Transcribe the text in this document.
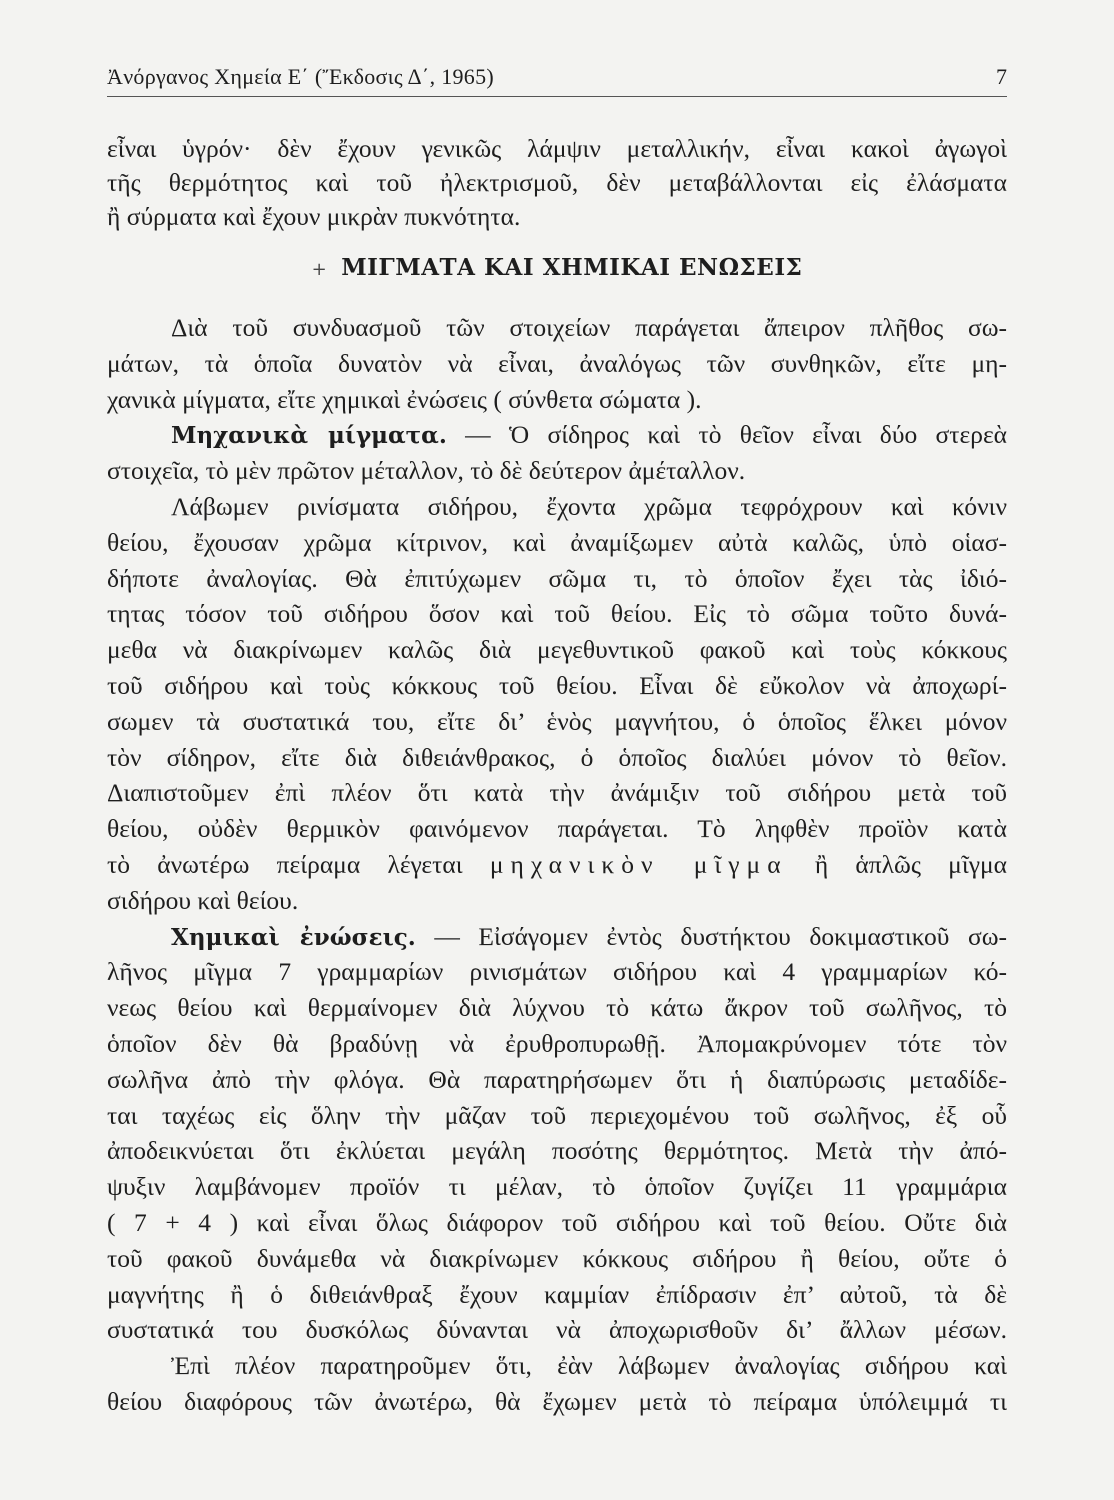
Ἀνόργανος Χημεία Ε΄ (Ἔκδοσις Δ΄, 1965)	7
εἶναι ὑγρόν· δὲν ἔχουν γενικῶς λάμψιν μεταλλικήν, εἶναι κακοὶ ἀγωγοὶ
τῆς θερμότητος καὶ τοῦ ἠλεκτρισμοῦ, δὲν μεταβάλλονται εἰς ἐλάσματα
ἢ σύρματα καὶ ἔχουν μικρὰν πυκνότητα.
+ ΜΙΓΜΑΤΑ ΚΑΙ ΧΗΜΙΚΑΙ ΕΝΩΣΕΙΣ
Διὰ τοῦ συνδυασμοῦ τῶν στοιχείων παράγεται ἄπειρον πλῆθος σω-
μάτων, τὰ ὁποῖα δυνατὸν νὰ εἶναι, ἀναλόγως τῶν συνθηκῶν, εἴτε μη-
χανικὰ μίγματα, εἴτε χημικαὶ ἐνώσεις ( σύνθετα σώματα ).
Μηχανικὰ μίγματα. — Ὁ σίδηρος καὶ τὸ θεῖον εἶναι δύο στερεὰ
στοιχεῖα, τὸ μὲν πρῶτον μέταλλον, τὸ δὲ δεύτερον ἀμέταλλον.
Λάβωμεν ρινίσματα σιδήρου, ἔχοντα χρῶμα τεφρόχρουν καὶ κόνιν
θείου, ἔχουσαν χρῶμα κίτρινον, καὶ ἀναμίξωμεν αὐτὰ καλῶς, ὑπὸ οἱασ-
δήποτε ἀναλογίας. Θὰ ἐπιτύχωμεν σῶμα τι, τὸ ὁποῖον ἔχει τὰς ἰδιό-
τητας τόσον τοῦ σιδήρου ὅσον καὶ τοῦ θείου. Εἰς τὸ σῶμα τοῦτο δυνά-
μεθα νὰ διακρίνωμεν καλῶς διὰ μεγεθυντικοῦ φακοῦ καὶ τοὺς κόκκους
τοῦ σιδήρου καὶ τοὺς κόκκους τοῦ θείου. Εἶναι δὲ εὔκολον νὰ ἀποχωρί-
σωμεν τὰ συστατικά του, εἴτε δι’ ἑνὸς μαγνήτου, ὁ ὁποῖος ἕλκει μόνον
τὸν σίδηρον, εἴτε διὰ διθειάνθρακος, ὁ ὁποῖος διαλύει μόνον τὸ θεῖον.
Διαπιστοῦμεν ἐπὶ πλέον ὅτι κατὰ τὴν ἀνάμιξιν τοῦ σιδήρου μετὰ τοῦ
θείου, οὐδὲν θερμικὸν φαινόμενον παράγεται. Τὸ ληφθὲν προϊὸν κατὰ
τὸ ἀνωτέρω πείραμα λέγεται μηχανικὸν μῖγμα ἢ ἁπλῶς μῖγμα
σιδήρου καὶ θείου.
Χημικαὶ ἐνώσεις. — Εἰσάγομεν ἐντὸς δυστήκτου δοκιμαστικοῦ σω-
λῆνος μῖγμα 7 γραμμαρίων ρινισμάτων σιδήρου καὶ 4 γραμμαρίων κό-
νεως θείου καὶ θερμαίνομεν διὰ λύχνου τὸ κάτω ἄκρον τοῦ σωλῆνος, τὸ
ὁποῖον δὲν θὰ βραδύνῃ νὰ ἐρυθροπυρωθῇ. Ἀπομακρύνομεν τότε τὸν
σωλῆνα ἀπὸ τὴν φλόγα. Θὰ παρατηρήσωμεν ὅτι ἡ διαπύρωσις μεταδίδε-
ται ταχέως εἰς ὅλην τὴν μᾶζαν τοῦ περιεχομένου τοῦ σωλῆνος, ἐξ οὗ
ἀποδεικνύεται ὅτι ἐκλύεται μεγάλη ποσότης θερμότητος. Μετὰ τὴν ἀπό-
ψυξιν λαμβάνομεν προϊόν τι μέλαν, τὸ ὁποῖον ζυγίζει 11 γραμμάρια
( 7 + 4 ) καὶ εἶναι ὅλως διάφορον τοῦ σιδήρου καὶ τοῦ θείου. Οὔτε διὰ
τοῦ φακοῦ δυνάμεθα νὰ διακρίνωμεν κόκκους σιδήρου ἢ θείου, οὔτε ὁ
μαγνήτης ἢ ὁ διθειάνθραξ ἔχουν καμμίαν ἐπίδρασιν ἐπ’ αὐτοῦ, τὰ δὲ
συστατικά του δυσκόλως δύνανται νὰ ἀποχωρισθοῦν δι’ ἄλλων μέσων.
Ἐπὶ πλέον παρατηροῦμεν ὅτι, ἐὰν λάβωμεν ἀναλογίας σιδήρου καὶ
θείου διαφόρους τῶν ἀνωτέρω, θὰ ἔχωμεν μετὰ τὸ πείραμα ὑπόλειμμά τι
